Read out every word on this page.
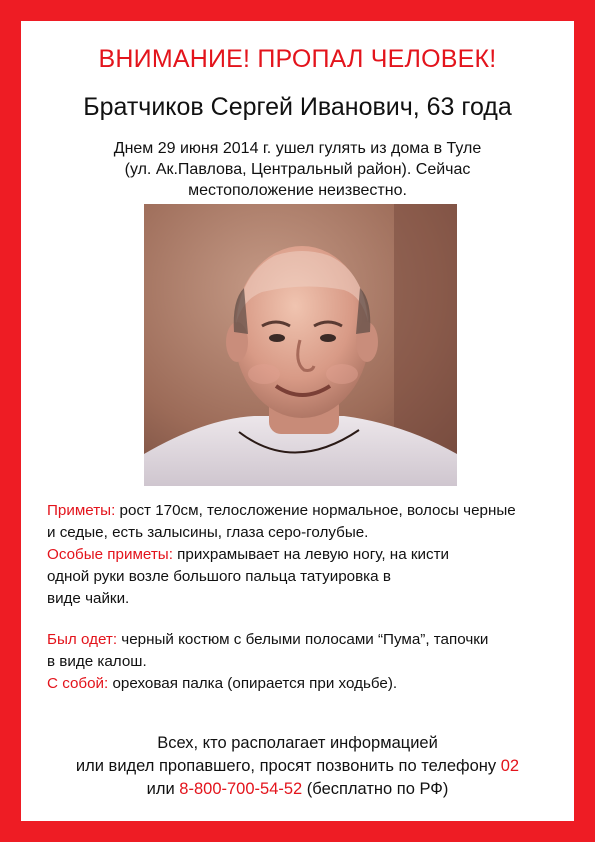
ВНИМАНИЕ! ПРОПАЛ ЧЕЛОВЕК!
Братчиков Сергей Иванович, 63 года
Днем 29 июня 2014 г. ушел гулять из дома в Туле
(ул. Ак.Павлова, Центральный район). Сейчас
местоположение неизвестно.
Приметы: рост 170см, телосложение нормальное, волосы черные
и седые, есть залысины, глаза серо-голубые.
Особые приметы: прихрамывает на левую ногу, на кисти
одной руки возле большого пальца татуировка в
виде чайки.
Был одет: черный костюм с белыми полосами “Пума”, тапочки
в виде калош.
С собой: ореховая палка (опирается при ходьбе).
Всех, кто располагает информацией
или видел пропавшего, просят позвонить по телефону 02
или 8-800-700-54-52 (бесплатно по РФ)
